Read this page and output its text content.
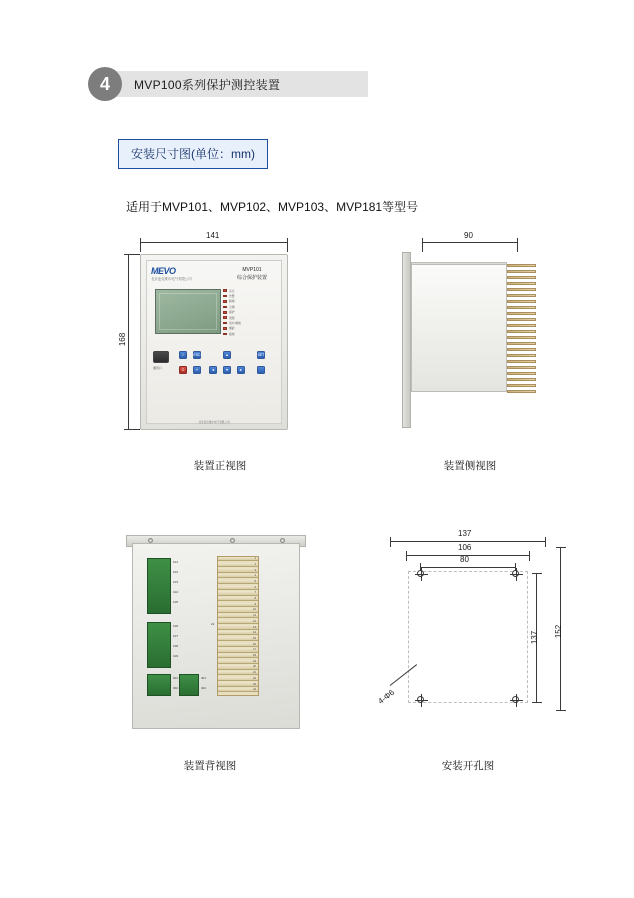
4	MVP100系列保护测控装置
安装尺寸图(单位：mm)
适用于MVP101、MVP102、MVP103、MVP181等型号
141
168
MEVO
北京麦克维尔电气有限公司
MVP101
综合保护装置
运行
告警
跳闸
合闸
保护
闭锁
远方/就地
储能
接地
I	ESC
O	↵
▲
▼
◄	►
SET
通讯口
北京麦克维尔电气有限公司
装置正视图
90
装置侧视图
101
102
103
104
105
106
107
108
109
301
302
401
402
1
2
3
4
5
6
7
8
9
10
11
12
13
14
15
16
17
18
19
20
21
22
23
24
21
装置背视图
137
106
80
137 152
4-Φ6
安装开孔图
